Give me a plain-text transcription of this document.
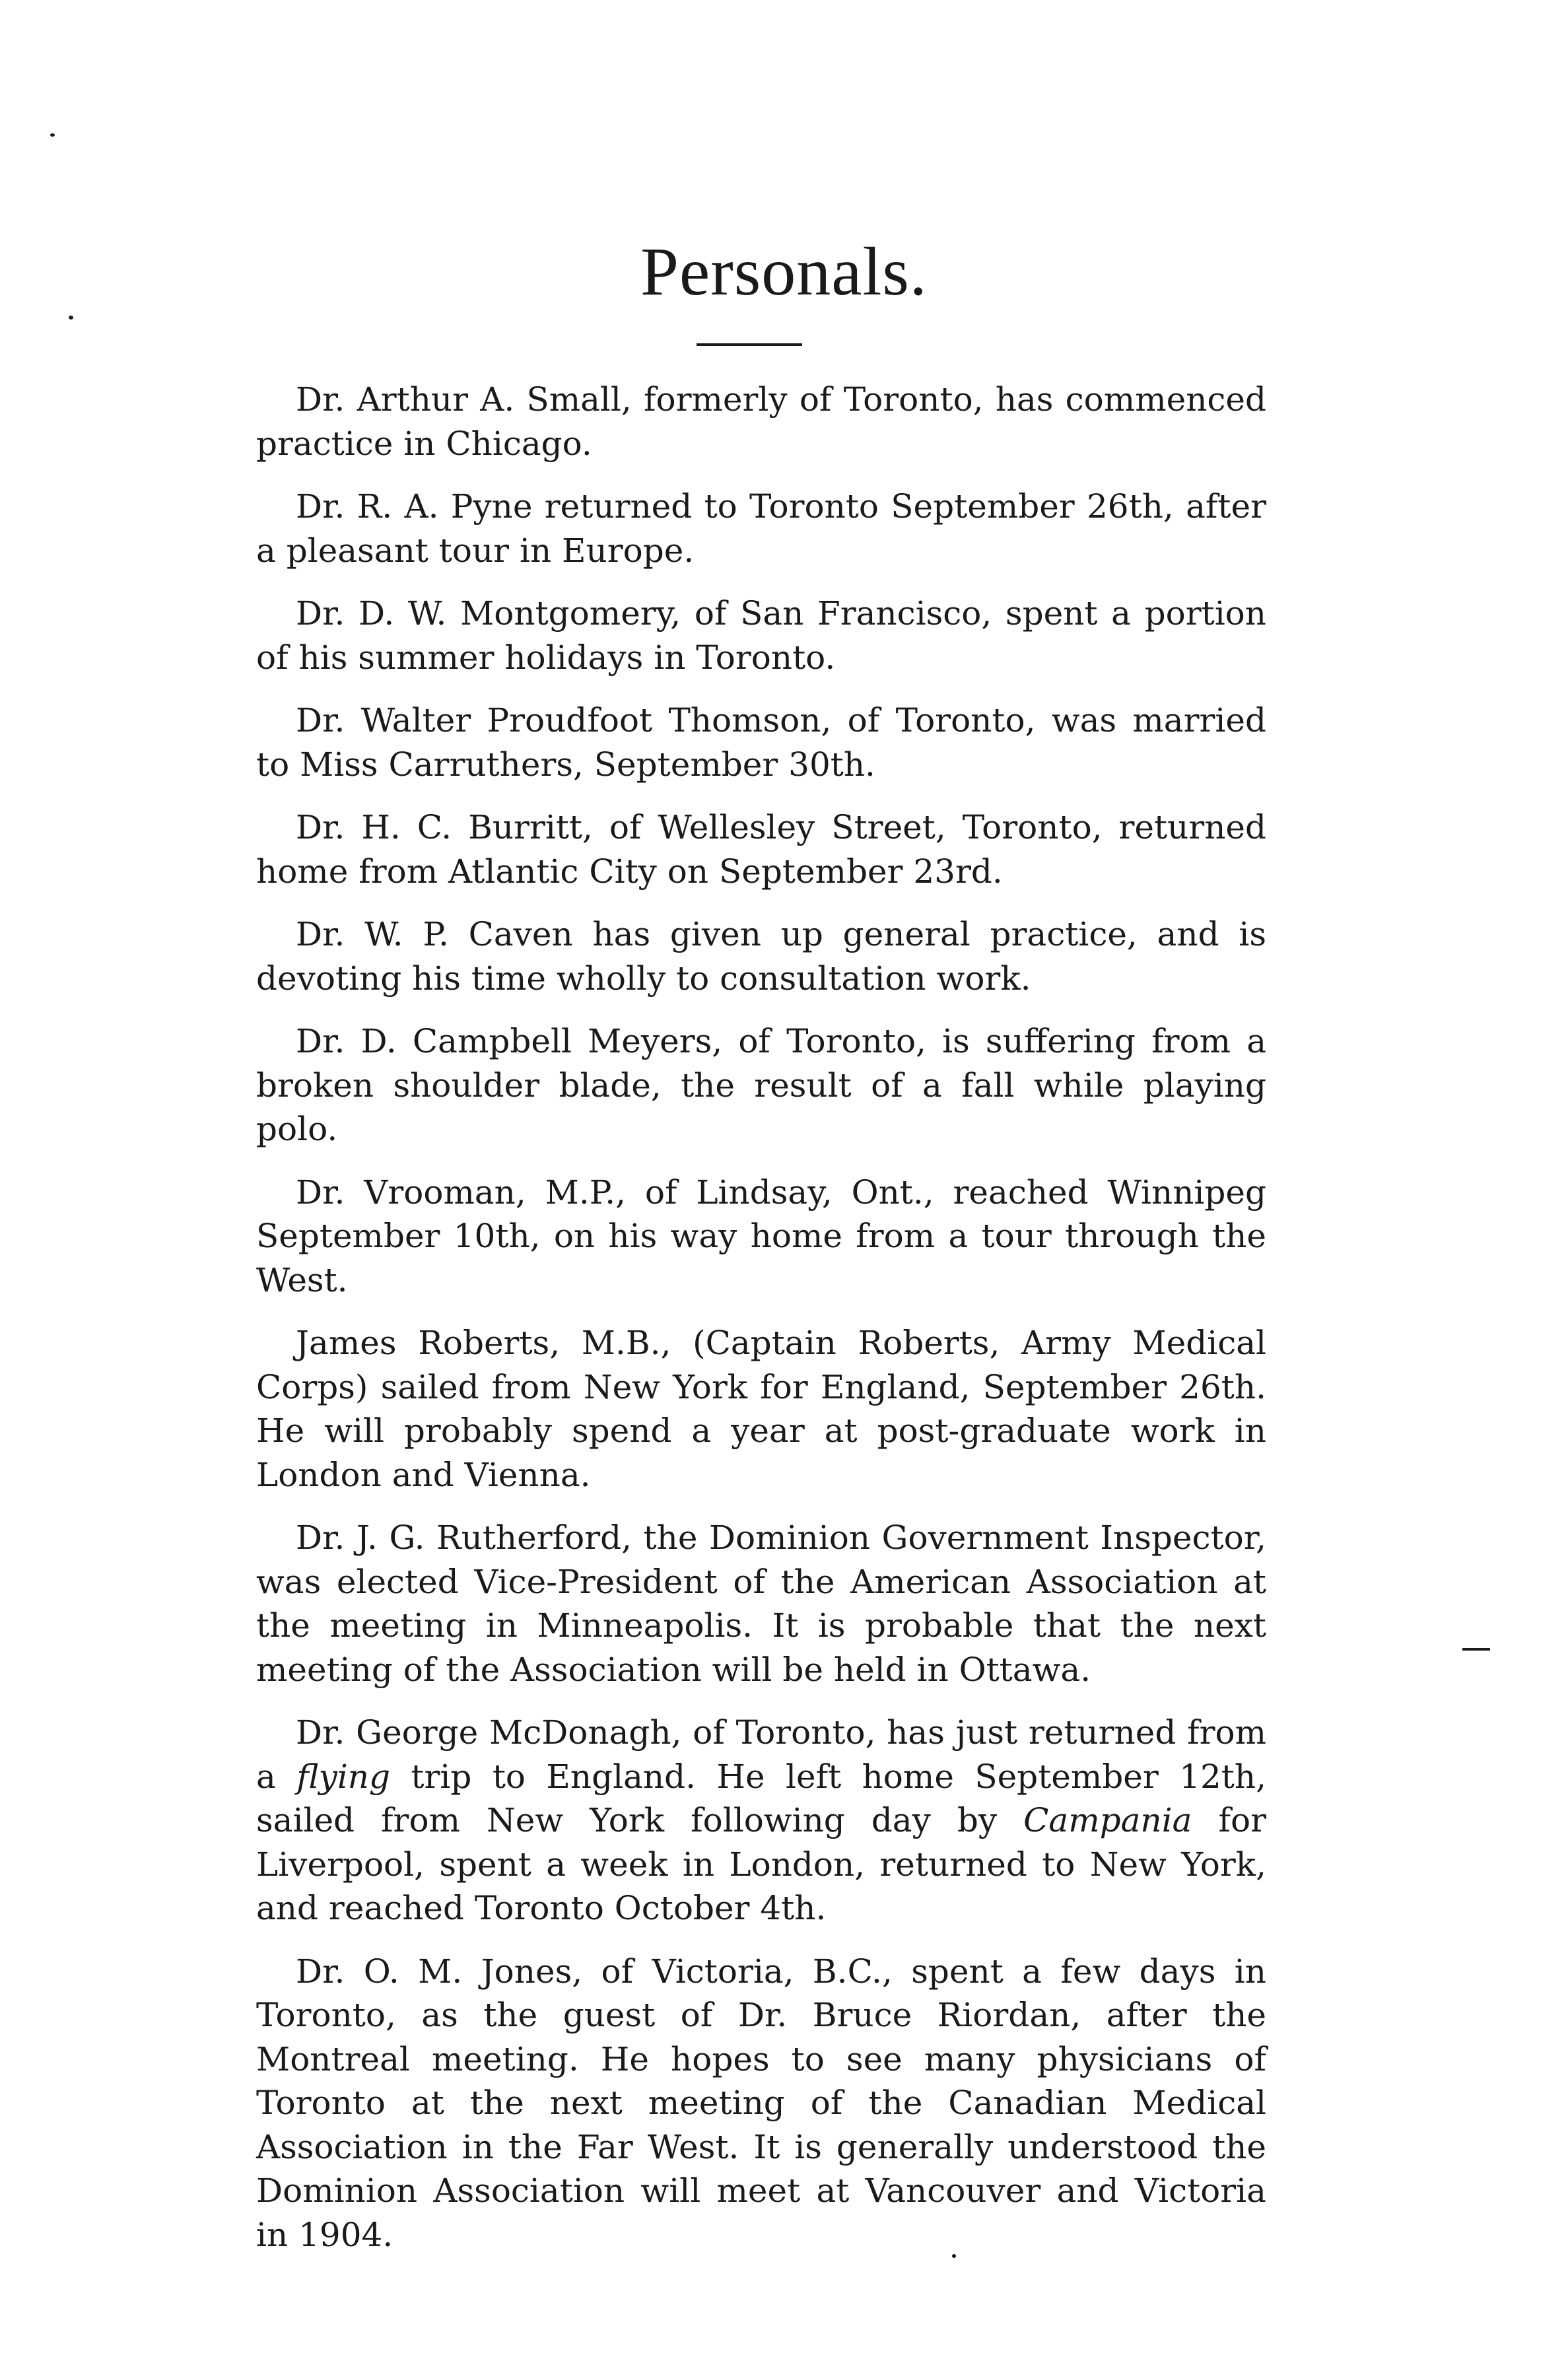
Personals.

Dr. Arthur A. Small, formerly of Toronto, has commenced practice in Chicago.

Dr. R. A. Pyne returned to Toronto September 26th, after a pleasant tour in Europe.

Dr. D. W. Montgomery, of San Francisco, spent a portion of his summer holidays in Toronto.

Dr. Walter Proudfoot Thomson, of Toronto, was married to Miss Carruthers, September 30th.

Dr. H. C. Burritt, of Wellesley Street, Toronto, returned home from Atlantic City on September 23rd.

Dr. W. P. Caven has given up general practice, and is devoting his time wholly to consultation work.

Dr. D. Campbell Meyers, of Toronto, is suffering from a broken shoulder blade, the result of a fall while playing polo.

Dr. Vrooman, M.P., of Lindsay, Ont., reached Winnipeg September 10th, on his way home from a tour through the West.

James Roberts, M.B., (Captain Roberts, Army Medical Corps) sailed from New York for England, September 26th. He will probably spend a year at post-graduate work in London and Vienna.

Dr. J. G. Rutherford, the Dominion Government Inspector, was elected Vice-President of the American Association at the meeting in Minneapolis. It is probable that the next meeting of the Association will be held in Ottawa.

Dr. George McDonagh, of Toronto, has just returned from a flying trip to England. He left home September 12th, sailed from New York following day by Campania for Liverpool, spent a week in London, returned to New York, and reached Toronto October 4th.

Dr. O. M. Jones, of Victoria, B.C., spent a few days in Toronto, as the guest of Dr. Bruce Riordan, after the Montreal meeting. He hopes to see many physicians of Toronto at the next meeting of the Canadian Medical Association in the Far West. It is generally understood the Dominion Association will meet at Vancouver and Victoria in 1904.
